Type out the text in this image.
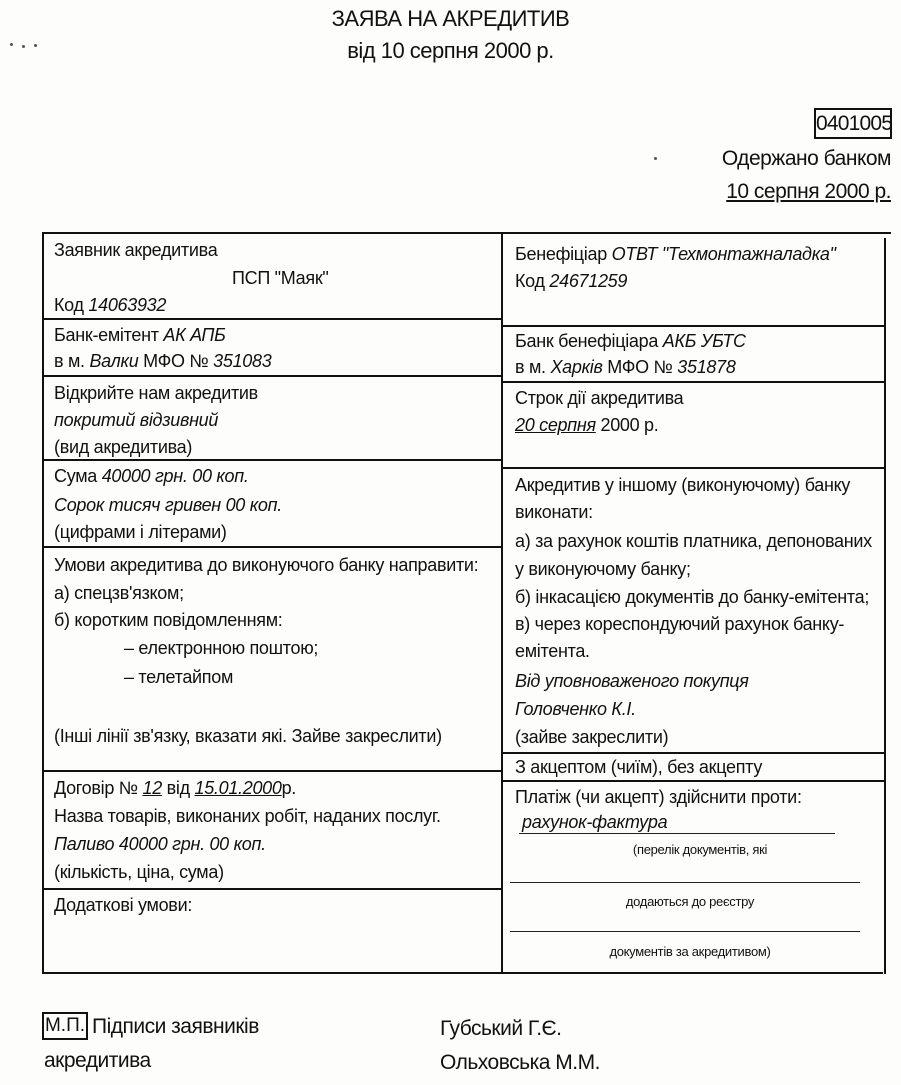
ЗАЯВА НА АКРЕДИТИВ
від 10 серпня 2000 р.
0401005
Одержано банком
10 серпня 2000 р.
Заявник акредитива
ПСП "Маяк"
Код 14063932
Банк-емітент АК АПБ
в м. Валки МФО № 351083
Відкрийте нам акредитив
покритий відзивний
(вид акредитива)
Сума 40000 грн. 00 коп.
Сорок тисяч гривен 00 коп.
(цифрами і літерами)
Умови акредитива до виконуючого банку направити:
а) спецзв'язком;
б) коротким повідомленням:
– електронною поштою;
– телетайпом
(Інші лінії зв'язку, вказати які. Зайве закреслити)
Договір № 12 від 15.01.2000р.
Назва товарів, виконаних робіт, наданих послуг.
Паливо 40000 грн. 00 коп.
(кількість, ціна, сума)
Додаткові умови:
Бенефіціар ОТВТ "Техмонтажналадка"
Код 24671259
Банк бенефіціара АКБ УБТС
в м. Харків МФО № 351878
Строк дії акредитива
20 серпня 2000 р.
Акредитив у іншому (виконуючому) банку
виконати:
а) за рахунок коштів платника, депонованих
у виконуючому банку;
б) інкасацією документів до банку-емітента;
в) через кореспондуючий рахунок банку-
емітента.
Від уповноваженого покупця
Головченко К.І.
(зайве закреслити)
З акцептом (чиїм), без акцепту
Платіж (чи акцепт) здійснити проти:
рахунок-фактура
(перелік документів, які
додаються до реєстру
документів за акредитивом)
М.П. Підписи заявників
акредитива
Губський Г.Є.
Ольховська М.М.
